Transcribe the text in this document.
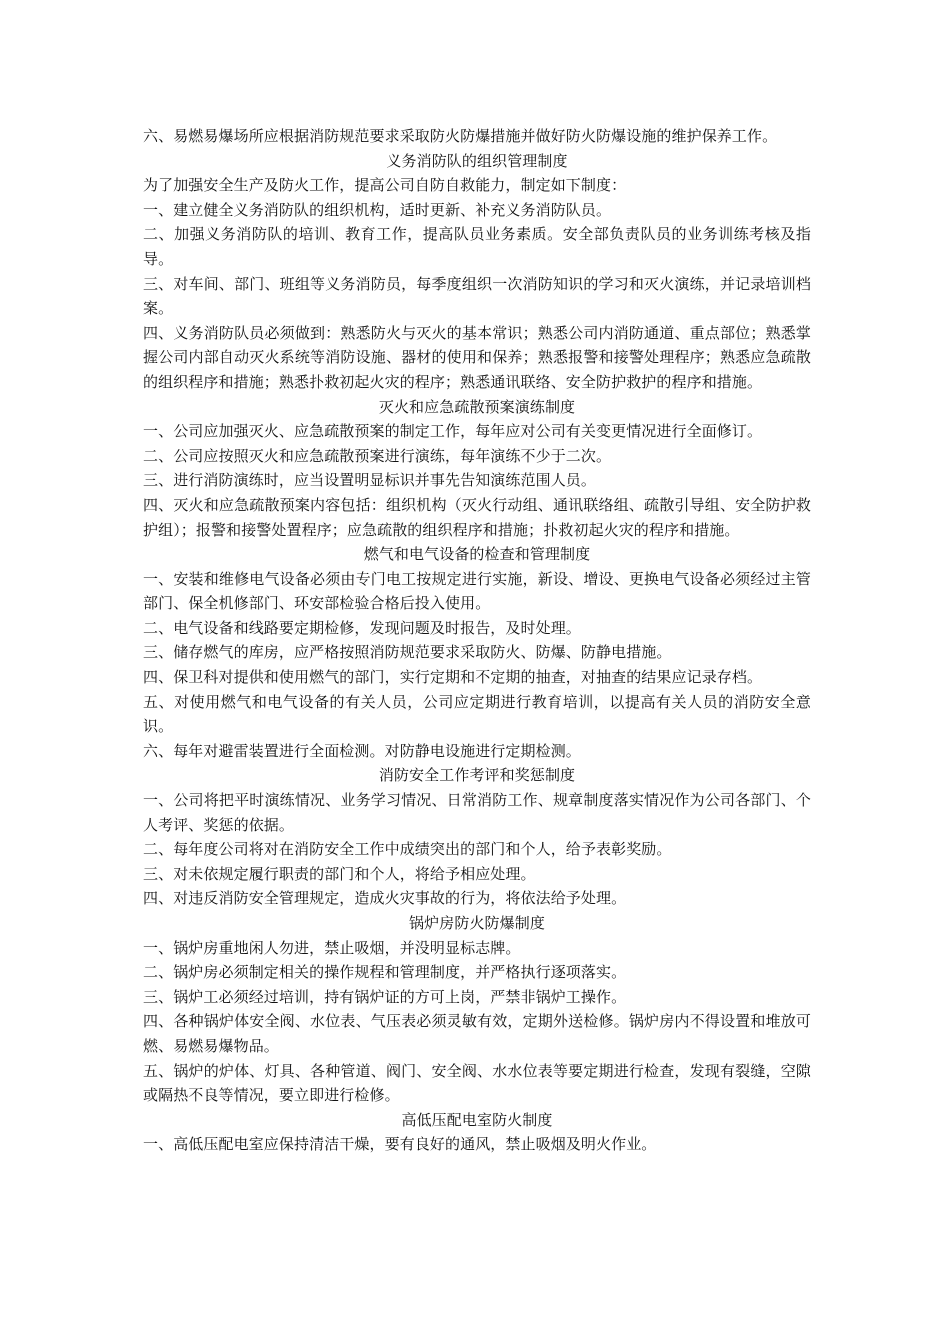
六、易燃易爆场所应根据消防规范要求采取防火防爆措施并做好防火防爆设施的维护保养工作。

义务消防队的组织管理制度

为了加强安全生产及防火工作，提高公司自防自救能力，制定如下制度：

一、建立健全义务消防队的组织机构，适时更新、补充义务消防队员。

二、加强义务消防队的培训、教育工作，提高队员业务素质。安全部负责队员的业务训练考核及指导。

三、对车间、部门、班组等义务消防员，每季度组织一次消防知识的学习和灭火演练，并记录培训档案。

四、义务消防队员必须做到：熟悉防火与灭火的基本常识；熟悉公司内消防通道、重点部位；熟悉掌握公司内部自动灭火系统等消防设施、器材的使用和保养；熟悉报警和接警处理程序；熟悉应急疏散的组织程序和措施；熟悉扑救初起火灾的程序；熟悉通讯联络、安全防护救护的程序和措施。

灭火和应急疏散预案演练制度

一、公司应加强灭火、应急疏散预案的制定工作，每年应对公司有关变更情况进行全面修订。

二、公司应按照灭火和应急疏散预案进行演练，每年演练不少于二次。

三、进行消防演练时，应当设置明显标识并事先告知演练范围人员。

四、灭火和应急疏散预案内容包括：组织机构（灭火行动组、通讯联络组、疏散引导组、安全防护救护组）；报警和接警处置程序；应急疏散的组织程序和措施；扑救初起火灾的程序和措施。

燃气和电气设备的检查和管理制度

一、安装和维修电气设备必须由专门电工按规定进行实施，新设、增设、更换电气设备必须经过主管部门、保全机修部门、环安部检验合格后投入使用。

二、电气设备和线路要定期检修，发现问题及时报告，及时处理。

三、储存燃气的库房，应严格按照消防规范要求采取防火、防爆、防静电措施。

四、保卫科对提供和使用燃气的部门，实行定期和不定期的抽查，对抽查的结果应记录存档。

五、对使用燃气和电气设备的有关人员，公司应定期进行教育培训，以提高有关人员的消防安全意识。

六、每年对避雷装置进行全面检测。对防静电设施进行定期检测。

消防安全工作考评和奖惩制度

一、公司将把平时演练情况、业务学习情况、日常消防工作、规章制度落实情况作为公司各部门、个人考评、奖惩的依据。

二、每年度公司将对在消防安全工作中成绩突出的部门和个人，给予表彰奖励。

三、对未依规定履行职责的部门和个人，将给予相应处理。

四、对违反消防安全管理规定，造成火灾事故的行为，将依法给予处理。

锅炉房防火防爆制度

一、锅炉房重地闲人勿进，禁止吸烟，并没明显标志牌。

二、锅炉房必须制定相关的操作规程和管理制度，并严格执行逐项落实。

三、锅炉工必须经过培训，持有锅炉证的方可上岗，严禁非锅炉工操作。

四、各种锅炉体安全阀、水位表、气压表必须灵敏有效，定期外送检修。锅炉房内不得设置和堆放可燃、易燃易爆物品。

五、锅炉的炉体、灯具、各种管道、阀门、安全阀、水水位表等要定期进行检查，发现有裂缝，空隙或隔热不良等情况，要立即进行检修。

高低压配电室防火制度

一、高低压配电室应保持清洁干燥，要有良好的通风，禁止吸烟及明火作业。
